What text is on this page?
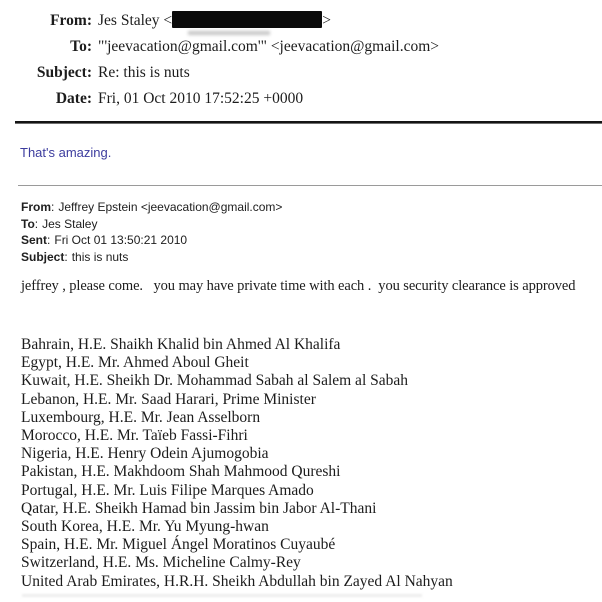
From: Jes Staley <	>
To: "'jeevacation@gmail.com'" <jeevacation@gmail.com>
Subject: Re: this is nuts
Date: Fri, 01 Oct 2010 17:52:25 +0000
That's amazing.
From: Jeffrey Epstein <jeevacation@gmail.com>
To: Jes Staley
Sent: Fri Oct 01 13:50:21 2010
Subject: this is nuts
jeffrey , please come.   you may have private time with each .  you security clearance is approved
Bahrain, H.E. Shaikh Khalid bin Ahmed Al Khalifa
Egypt, H.E. Mr. Ahmed Aboul Gheit
Kuwait, H.E. Sheikh Dr. Mohammad Sabah al Salem al Sabah
Lebanon, H.E. Mr. Saad Harari, Prime Minister
Luxembourg, H.E. Mr. Jean Asselborn
Morocco, H.E. Mr. Taïeb Fassi-Fihri
Nigeria, H.E. Henry Odein Ajumogobia
Pakistan, H.E. Makhdoom Shah Mahmood Qureshi
Portugal, H.E. Mr. Luis Filipe Marques Amado
Qatar, H.E. Sheikh Hamad bin Jassim bin Jabor Al-Thani
South Korea, H.E. Mr. Yu Myung-hwan
Spain, H.E. Mr. Miguel Ángel Moratinos Cuyaubé
Switzerland, H.E. Ms. Micheline Calmy-Rey
United Arab Emirates, H.R.H. Sheikh Abdullah bin Zayed Al Nahyan
